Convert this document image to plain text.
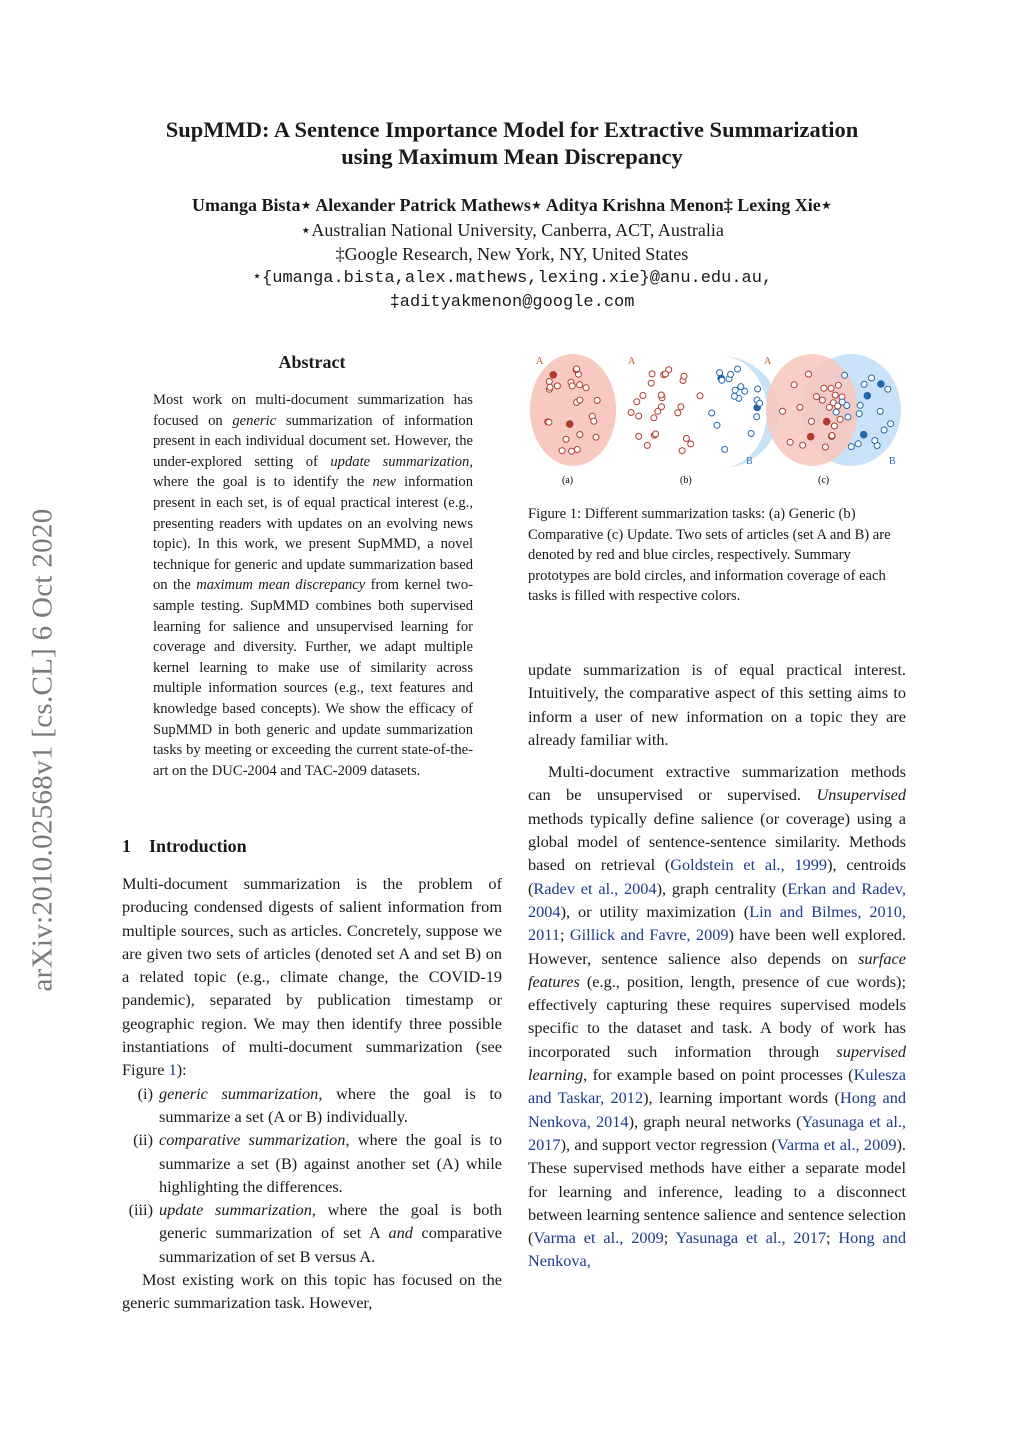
SupMMD: A Sentence Importance Model for Extractive Summarization
using Maximum Mean Discrepancy
Umanga Bista⋆ Alexander Patrick Mathews⋆ Aditya Krishna Menon‡ Lexing Xie⋆
⋆Australian National University, Canberra, ACT, Australia
‡Google Research, New York, NY, United States
⋆{umanga.bista,alex.mathews,lexing.xie}@anu.edu.au,
‡adityakmenon@google.com
arXiv:2010.02568v1 [cs.CL] 6 Oct 2020
Abstract

Most work on multi-document summarization has focused on generic summarization of information present in each individual document set. However, the under-explored setting of update summarization, where the goal is to identify the new information present in each set, is of equal practical interest (e.g., presenting readers with updates on an evolving news topic). In this work, we present SupMMD, a novel technique for generic and update summarization based on the maximum mean discrepancy from kernel two-sample testing. SupMMD combines both supervised learning for salience and unsupervised learning for coverage and diversity. Further, we adapt multiple kernel learning to make use of similarity across multiple information sources (e.g., text features and knowledge based concepts). We show the efficacy of SupMMD in both generic and update summarization tasks by meeting or exceeding the current state-of-the-art on the DUC-2004 and TAC-2009 datasets.

1    Introduction

Multi-document summarization is the problem of producing condensed digests of salient information from multiple sources, such as articles. Concretely, suppose we are given two sets of articles (denoted set A and set B) on a related topic (e.g., climate change, the COVID-19 pandemic), separated by publication timestamp or geographic region. We may then identify three possible instantiations of multi-document summarization (see Figure 1):

(i) generic summarization, where the goal is to summarize a set (A or B) individually.
(ii) comparative summarization, where the goal is to summarize a set (B) against another set (A) while highlighting the differences.
(iii) update summarization, where the goal is both generic summarization of set A and comparative summarization of set B versus A.

Most existing work on this topic has focused on the generic summarization task. However,

A
(a)
A
B
(b)
A
B
(c)
Figure 1: Different summarization tasks: (a) Generic (b) Comparative (c) Update. Two sets of articles (set A and B) are denoted by red and blue circles, respectively. Summary prototypes are bold circles, and information coverage of each tasks is filled with respective colors.

update summarization is of equal practical interest. Intuitively, the comparative aspect of this setting aims to inform a user of new information on a topic they are already familiar with.

Multi-document extractive summarization methods can be unsupervised or supervised. Unsupervised methods typically define salience (or coverage) using a global model of sentence-sentence similarity. Methods based on retrieval (Goldstein et al., 1999), centroids (Radev et al., 2004), graph centrality (Erkan and Radev, 2004), or utility maximization (Lin and Bilmes, 2010, 2011; Gillick and Favre, 2009) have been well explored. However, sentence salience also depends on surface features (e.g., position, length, presence of cue words); effectively capturing these requires supervised models specific to the dataset and task. A body of work has incorporated such information through supervised learning, for example based on point processes (Kulesza and Taskar, 2012), learning important words (Hong and Nenkova, 2014), graph neural networks (Yasunaga et al., 2017), and support vector regression (Varma et al., 2009). These supervised methods have either a separate model for learning and inference, leading to a disconnect between learning sentence salience and sentence selection (Varma et al., 2009; Yasunaga et al., 2017; Hong and Nenkova,
